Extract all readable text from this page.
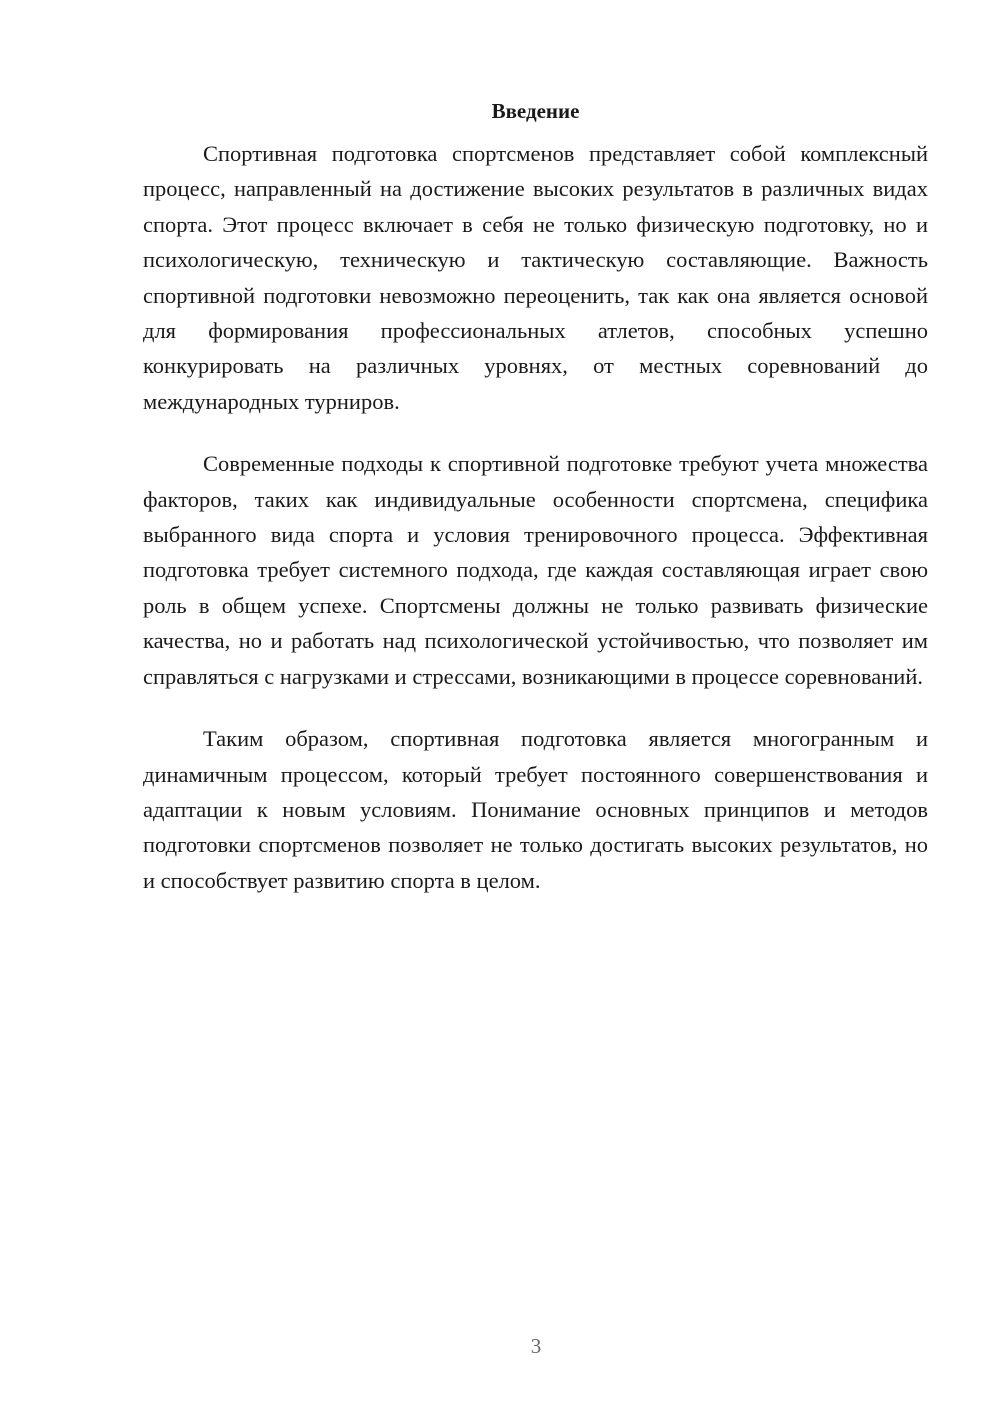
Введение

Спортивная подготовка спортсменов представляет собой комплексный процесс, направленный на достижение высоких результатов в различных видах спорта. Этот процесс включает в себя не только физическую подготовку, но и психологическую, техническую и тактическую составляющие. Важность спортивной подготовки невозможно переоценить, так как она является основой для формирования профессиональных атлетов, способных успешно конкурировать на различных уровнях, от местных соревнований до международных турниров.

Современные подходы к спортивной подготовке требуют учета множества факторов, таких как индивидуальные особенности спортсмена, специфика выбранного вида спорта и условия тренировочного процесса. Эффективная подготовка требует системного подхода, где каждая составляющая играет свою роль в общем успехе. Спортсмены должны не только развивать физические качества, но и работать над психологической устойчивостью, что позволяет им справляться с нагрузками и стрессами, возникающими в процессе соревнований.

Таким образом, спортивная подготовка является многогранным и динамичным процессом, который требует постоянного совершенствования и адаптации к новым условиям. Понимание основных принципов и методов подготовки спортсменов позволяет не только достигать высоких результатов, но и способствует развитию спорта в целом.

3
